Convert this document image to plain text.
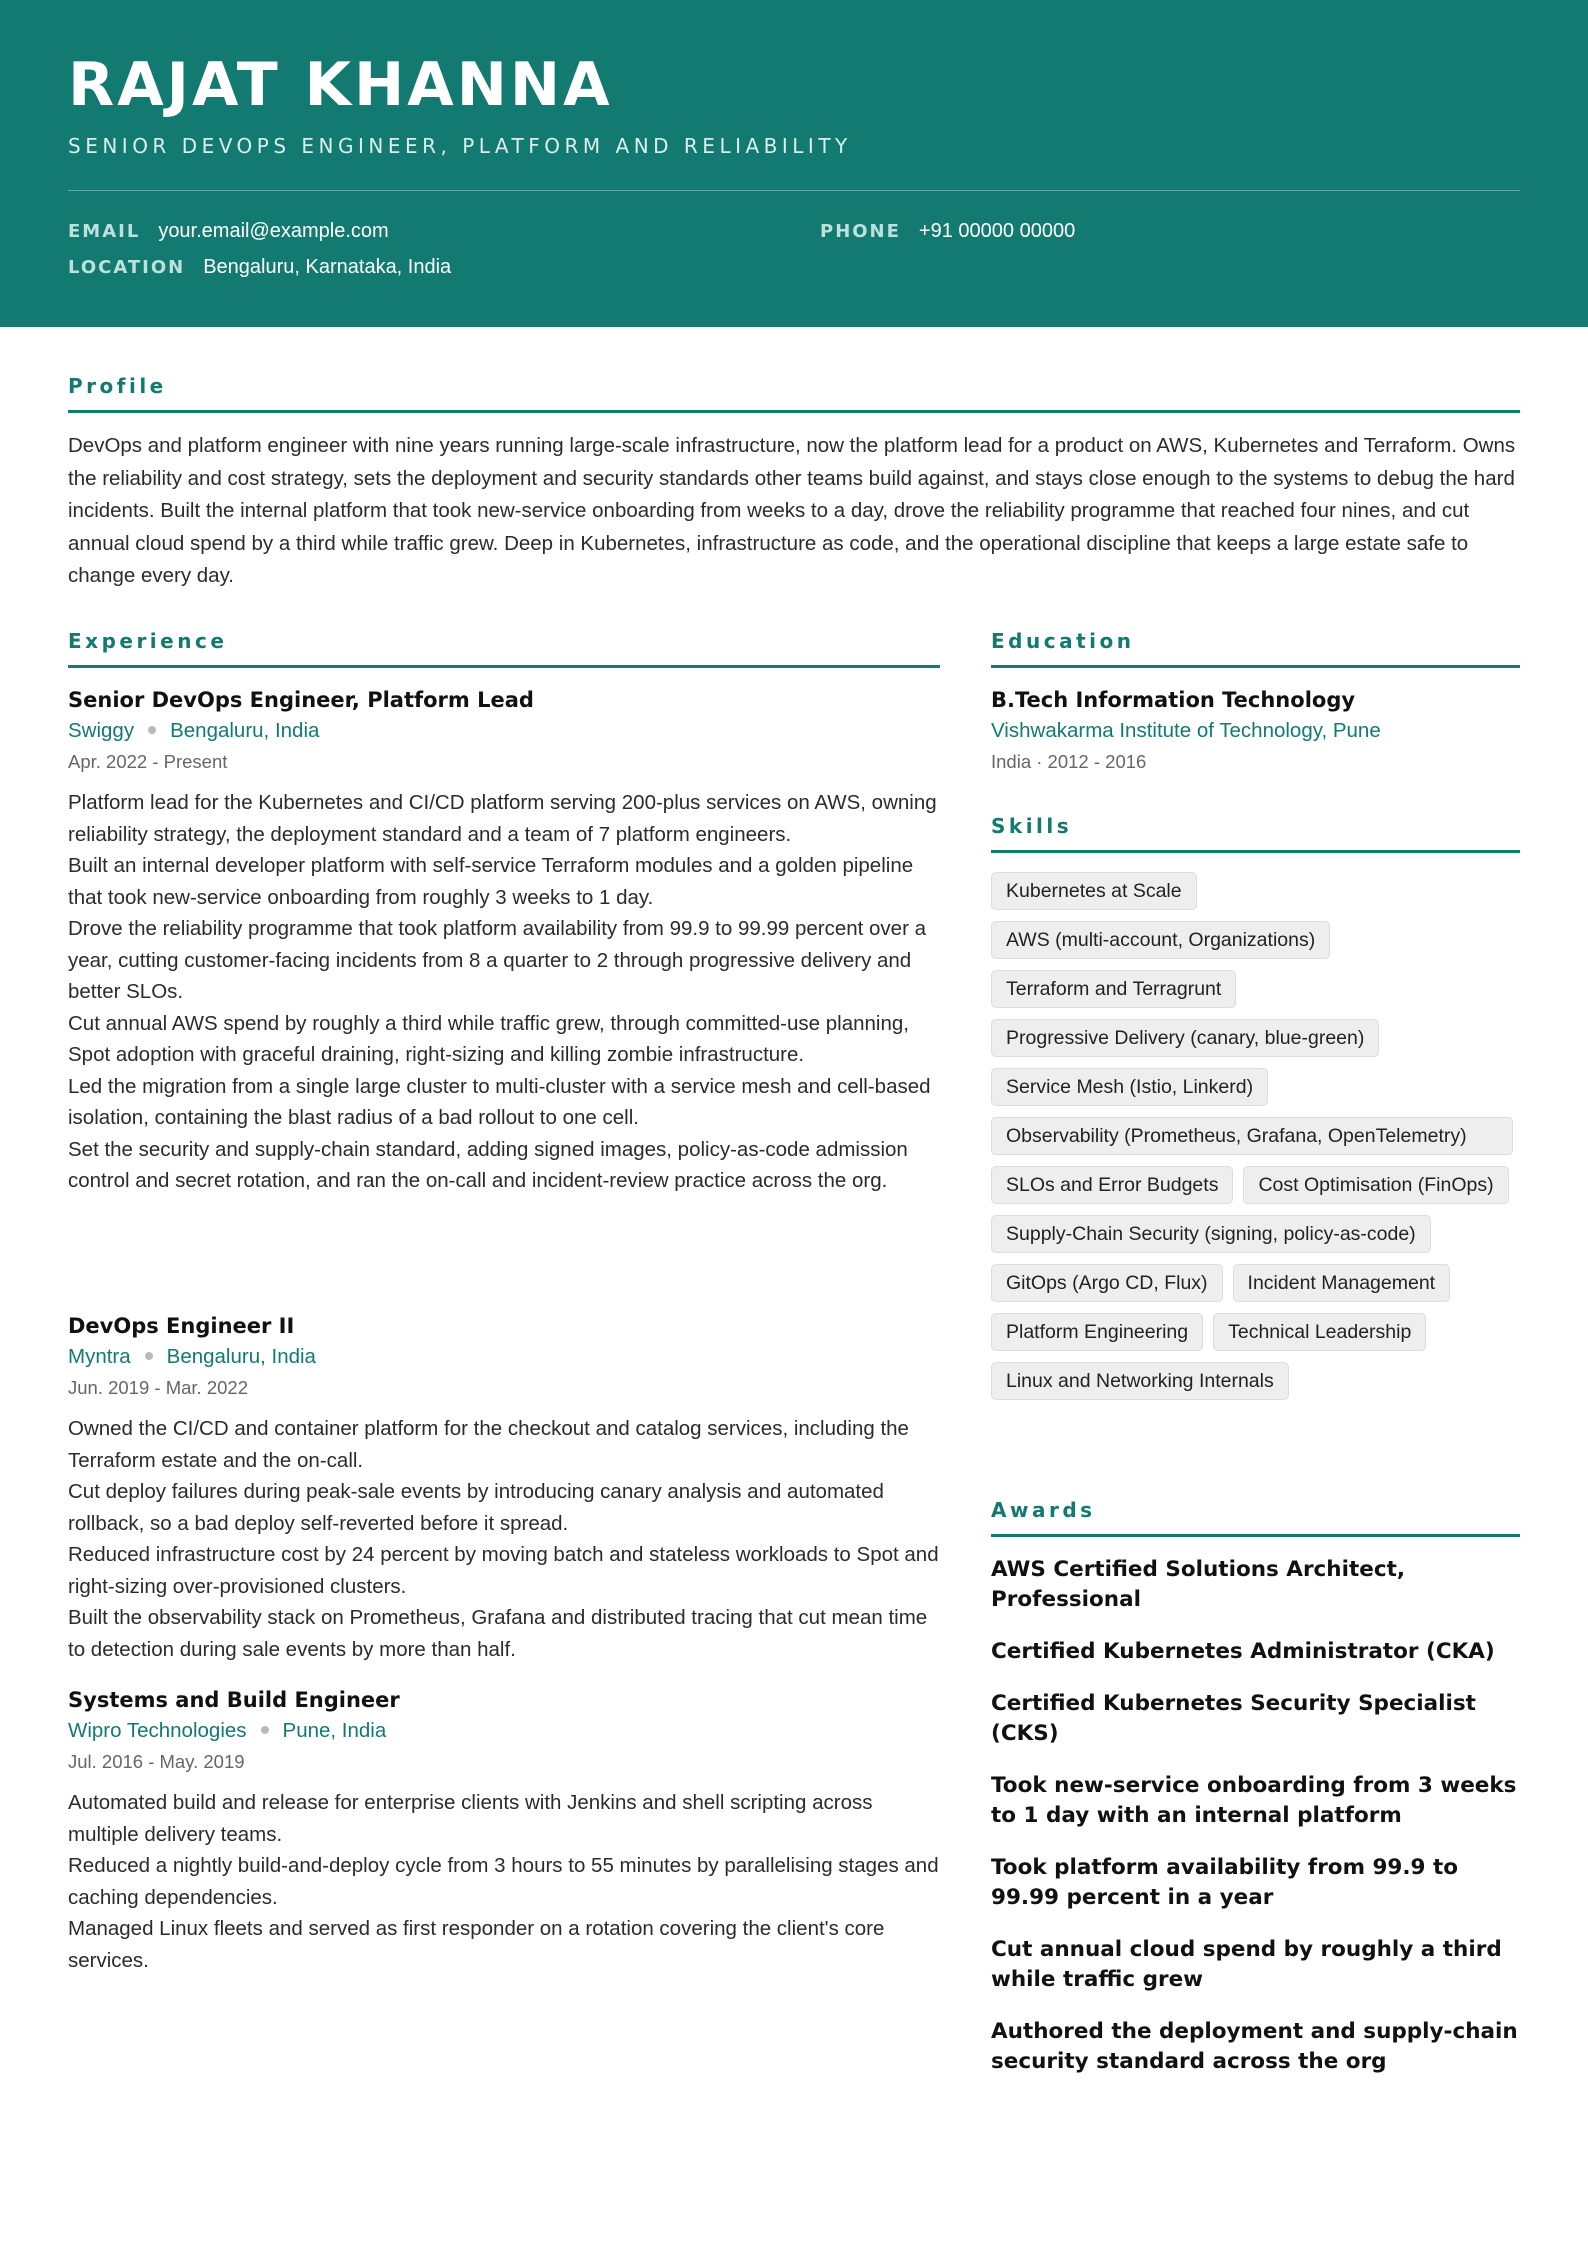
RAJAT KHANNA
SENIOR DEVOPS ENGINEER, PLATFORM AND RELIABILITY
EMAIL your.email@example.com	PHONE +91 00000 00000
LOCATION Bengaluru, Karnataka, India
Profile
DevOps and platform engineer with nine years running large-scale infrastructure, now the platform lead for a product on AWS, Kubernetes and Terraform. Owns the reliability and cost strategy, sets the deployment and security standards other teams build against, and stays close enough to the systems to debug the hard incidents. Built the internal platform that took new-service onboarding from weeks to a day, drove the reliability programme that reached four nines, and cut annual cloud spend by a third while traffic grew. Deep in Kubernetes, infrastructure as code, and the operational discipline that keeps a large estate safe to change every day.
Experience
Senior DevOps Engineer, Platform Lead
Swiggy Bengaluru, India
Apr. 2022 - Present
Platform lead for the Kubernetes and CI/CD platform serving 200-plus services on AWS, owning reliability strategy, the deployment standard and a team of 7 platform engineers.
Built an internal developer platform with self-service Terraform modules and a golden pipeline that took new-service onboarding from roughly 3 weeks to 1 day.
Drove the reliability programme that took platform availability from 99.9 to 99.99 percent over a year, cutting customer-facing incidents from 8 a quarter to 2 through progressive delivery and better SLOs.
Cut annual AWS spend by roughly a third while traffic grew, through committed-use planning, Spot adoption with graceful draining, right-sizing and killing zombie infrastructure.
Led the migration from a single large cluster to multi-cluster with a service mesh and cell-based isolation, containing the blast radius of a bad rollout to one cell.
Set the security and supply-chain standard, adding signed images, policy-as-code admission control and secret rotation, and ran the on-call and incident-review practice across the org.
DevOps Engineer II
Myntra Bengaluru, India
Jun. 2019 - Mar. 2022
Owned the CI/CD and container platform for the checkout and catalog services, including the Terraform estate and the on-call.
Cut deploy failures during peak-sale events by introducing canary analysis and automated rollback, so a bad deploy self-reverted before it spread.
Reduced infrastructure cost by 24 percent by moving batch and stateless workloads to Spot and right-sizing over-provisioned clusters.
Built the observability stack on Prometheus, Grafana and distributed tracing that cut mean time to detection during sale events by more than half.
Systems and Build Engineer
Wipro Technologies Pune, India
Jul. 2016 - May. 2019
Automated build and release for enterprise clients with Jenkins and shell scripting across multiple delivery teams.
Reduced a nightly build-and-deploy cycle from 3 hours to 55 minutes by parallelising stages and caching dependencies.
Managed Linux fleets and served as first responder on a rotation covering the client's core services.
Education
B.Tech Information Technology
Vishwakarma Institute of Technology, Pune
India · 2012 - 2016
Skills
Kubernetes at Scale
AWS (multi-account, Organizations)
Terraform and Terragrunt
Progressive Delivery (canary, blue-green)
Service Mesh (Istio, Linkerd)
Observability (Prometheus, Grafana, OpenTelemetry)
SLOs and Error Budgets	Cost Optimisation (FinOps)
Supply-Chain Security (signing, policy-as-code)
GitOps (Argo CD, Flux)	Incident Management
Platform Engineering	Technical Leadership
Linux and Networking Internals
Awards
AWS Certified Solutions Architect, Professional
Certified Kubernetes Administrator (CKA)
Certified Kubernetes Security Specialist (CKS)
Took new-service onboarding from 3 weeks to 1 day with an internal platform
Took platform availability from 99.9 to 99.99 percent in a year
Cut annual cloud spend by roughly a third while traffic grew
Authored the deployment and supply-chain security standard across the org
